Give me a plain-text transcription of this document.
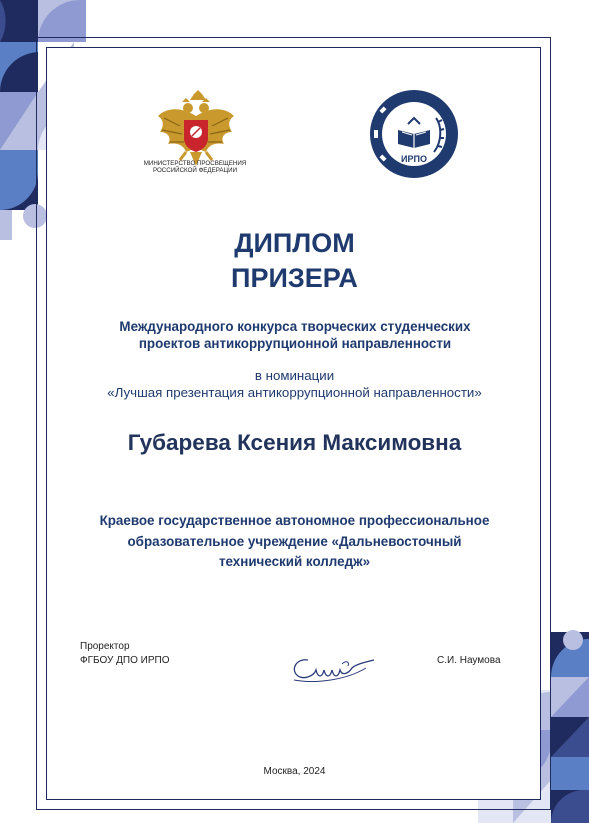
МИНИСТЕРСТВО ПРОСВЕЩЕНИЯ
РОССИЙСКОЙ ФЕДЕРАЦИИ
ИРПО
ДИПЛОМ
ПРИЗЕРА
Международного конкурса творческих студенческих
проектов антикоррупционной направленности
в номинации
«Лучшая презентация антикоррупционной направленности»
Губарева Ксения Максимовна
Краевое государственное автономное профессиональное
образовательное учреждение «Дальневосточный
технический колледж»
Проректор
ФГБОУ ДПО ИРПО	С.И. Наумова
Москва, 2024
